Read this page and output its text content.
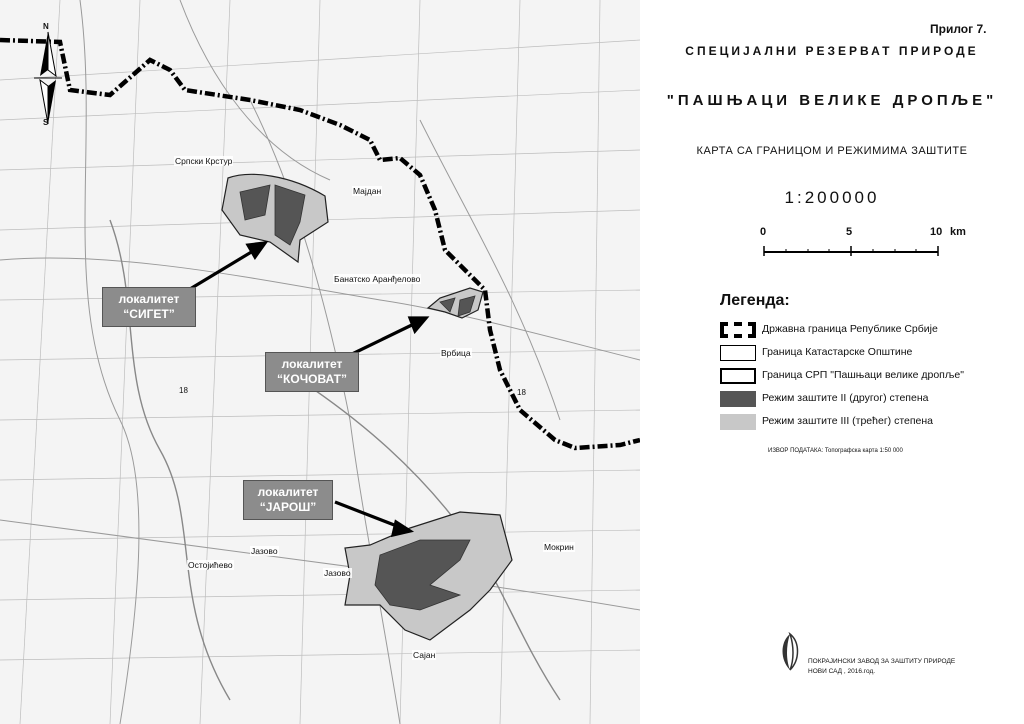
Српски Крстур
Мајдан
Банатско Аранђелово
Врбица
Остојићево
Јазово
Јазово
Мокрин
Сајан
18	18
локалитет
“СИГЕТ”
локалитет
“КОЧОВАТ”
локалитет
“ЈАРОШ”
N
S
Прилог 7.
СПЕЦИЈАЛНИ РЕЗЕРВАТ ПРИРОДЕ
"ПАШЊАЦИ ВЕЛИКЕ ДРОПЉЕ"
КАРТА СА ГРАНИЦОМ И РЕЖИМИМА ЗАШТИТЕ
1:200000
0	5	10 km
Легенда:
Државна граница Републике Србије
Граница Катастарске Општине
Граница СРП "Пашњаци велике дропље"
Режим заштите II (другог) степена
Режим заштите III (трећег) степена
ИЗВОР ПОДАТАКА: Топографска карта 1:50 000
ПОКРАЈИНСКИ ЗАВОД ЗА ЗАШТИТУ ПРИРОДЕ
НОВИ САД , 2016.год.
